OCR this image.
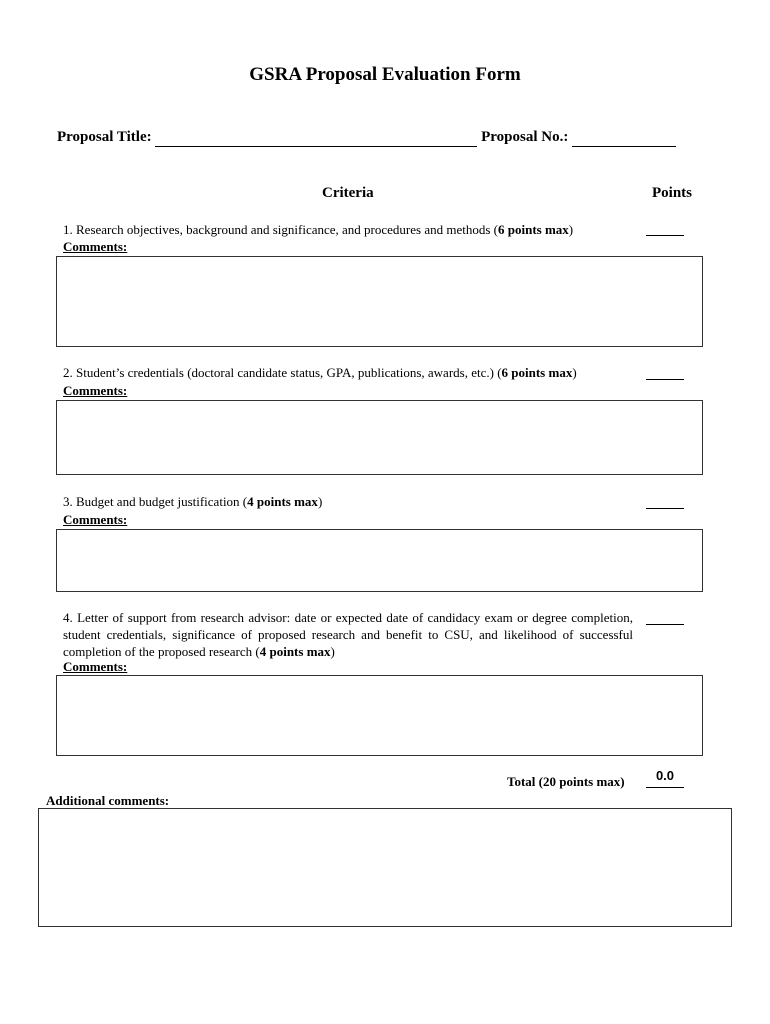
GSRA Proposal Evaluation Form
Proposal Title:	Proposal No.:
Criteria	Points
1. Research objectives, background and significance, and procedures and methods (6 points max)
Comments:
2. Student’s credentials (doctoral candidate status, GPA, publications, awards, etc.) (6 points max)
Comments:
3. Budget and budget justification (4 points max)
Comments:
4. Letter of support from research advisor: date or expected date of candidacy exam or degree completion, student credentials, significance of proposed research and benefit to CSU, and likelihood of successful completion of the proposed research (4 points max)
Comments:
Total (20 points max)	0.0
Additional comments:
